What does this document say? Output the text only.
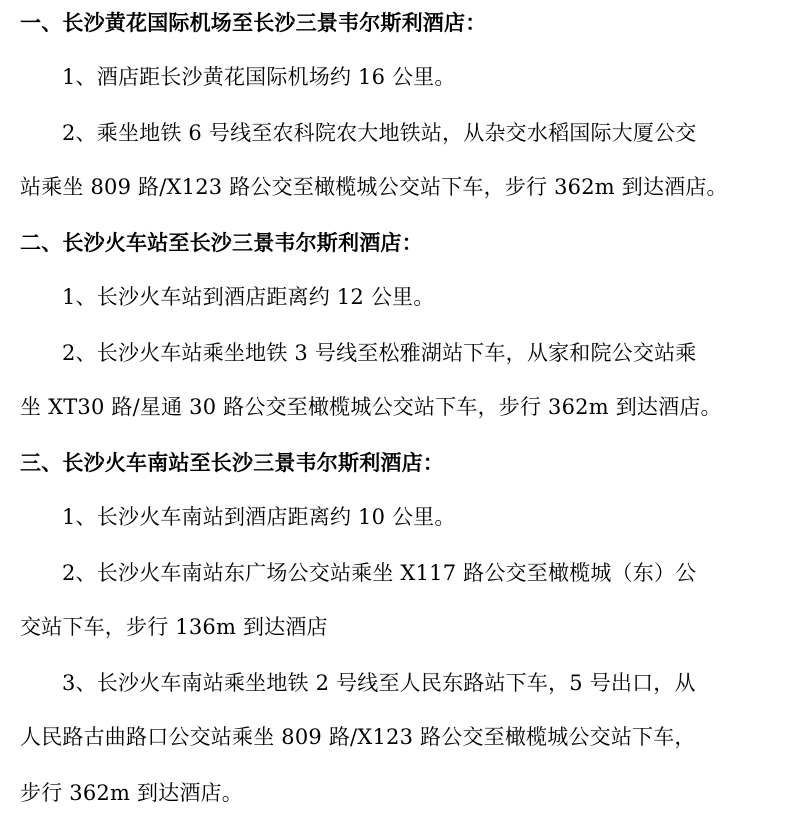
一、长沙黄花国际机场至长沙三景韦尔斯利酒店：
1、酒店距长沙黄花国际机场约 16 公里。
2、乘坐地铁 6 号线至农科院农大地铁站，从杂交水稻国际大厦公交
站乘坐 809 路/X123 路公交至橄榄城公交站下车，步行 362m 到达酒店。
二、长沙火车站至长沙三景韦尔斯利酒店：
1、长沙火车站到酒店距离约 12 公里。
2、长沙火车站乘坐地铁 3 号线至松雅湖站下车，从家和院公交站乘
坐 XT30 路/星通 30 路公交至橄榄城公交站下车，步行 362m 到达酒店。
三、长沙火车南站至长沙三景韦尔斯利酒店：
1、长沙火车南站到酒店距离约 10 公里。
2、长沙火车南站东广场公交站乘坐 X117 路公交至橄榄城（东）公
交站下车，步行 136m 到达酒店
3、长沙火车南站乘坐地铁 2 号线至人民东路站下车，5 号出口，从
人民路古曲路口公交站乘坐 809 路/X123 路公交至橄榄城公交站下车，
步行 362m 到达酒店。
